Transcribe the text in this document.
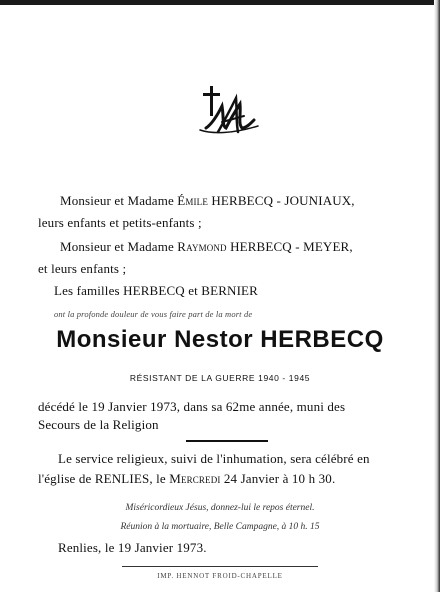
Monsieur et Madame Émile HERBECQ - JOUNIAUX,
leurs enfants et petits-enfants ;
Monsieur et Madame Raymond HERBECQ - MEYER,
et leurs enfants ;
Les familles HERBECQ et BERNIER
ont la profonde douleur de vous faire part de la mort de
Monsieur Nestor HERBECQ
RÉSISTANT DE LA GUERRE 1940 - 1945
décédé le 19 Janvier 1973, dans sa 62me année, muni des
Secours de la Religion
Le service religieux, suivi de l'inhumation, sera célébré en
l'église de RENLIES, le Mercredi 24 Janvier à 10 h 30.
Miséricordieux Jésus, donnez-lui le repos éternel.
Réunion à la mortuaire, Belle Campagne, à 10 h. 15
Renlies, le 19 Janvier 1973.
IMP. HENNOT FROID-CHAPELLE
